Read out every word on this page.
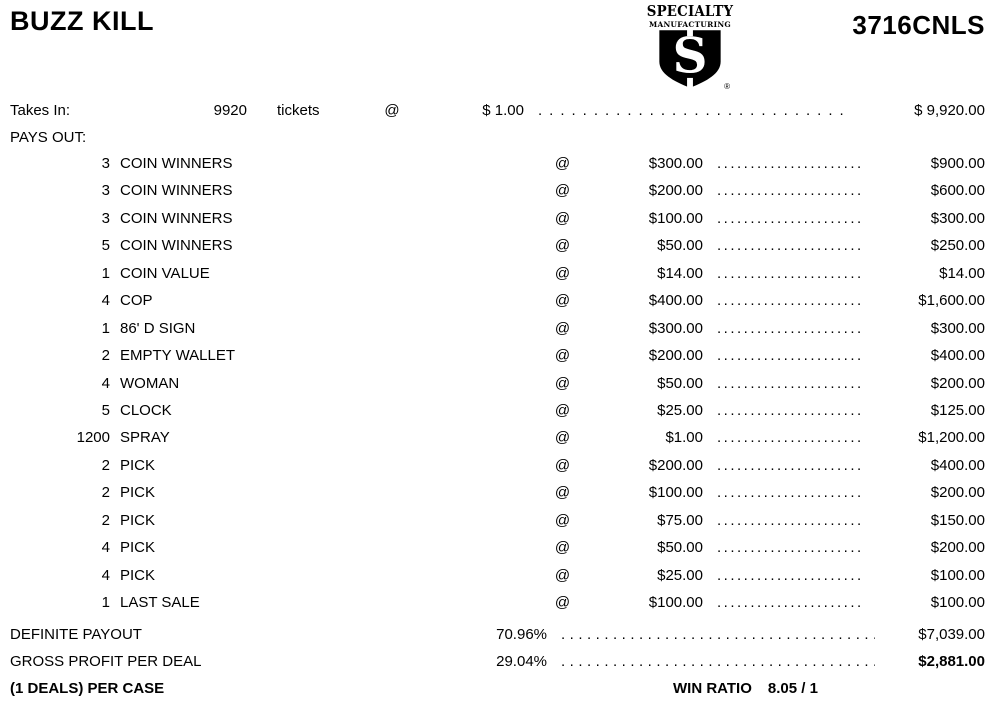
BUZZ KILL	SPECIALTY
MANUFACTURING
S
®
3716CNLS
Takes In:	9920	tickets	@	$ 1.00 .....	$ 9,920.00
PAYS OUT:
3 COIN WINNERS	@	$300.00 .....	$900.00
3 COIN WINNERS	@	$200.00 .....	$600.00
3 COIN WINNERS	@	$100.00 .....	$300.00
5 COIN WINNERS	@	$50.00 .....	$250.00
1 COIN VALUE	@	$14.00 .....	$14.00
4 COP	@	$400.00 .....	$1,600.00
1 86' D SIGN	@	$300.00 .....	$300.00
2 EMPTY WALLET	@	$200.00 .....	$400.00
4 WOMAN	@	$50.00 .....	$200.00
5 CLOCK	@	$25.00 .....	$125.00
1200 SPRAY	@	$1.00 .....	$1,200.00
2 PICK	@	$200.00 .....	$400.00
2 PICK	@	$100.00 .....	$200.00
2 PICK	@	$75.00 .....	$150.00
4 PICK	@	$50.00 .....	$200.00
4 PICK	@	$25.00 .....	$100.00
1 LAST SALE	@	$100.00 .....	$100.00
DEFINITE PAYOUT	70.96% .....	$7,039.00
GROSS PROFIT PER DEAL	29.04% .....	$2,881.00
(1 DEALS) PER CASE	WIN RATIO 8.05 / 1
